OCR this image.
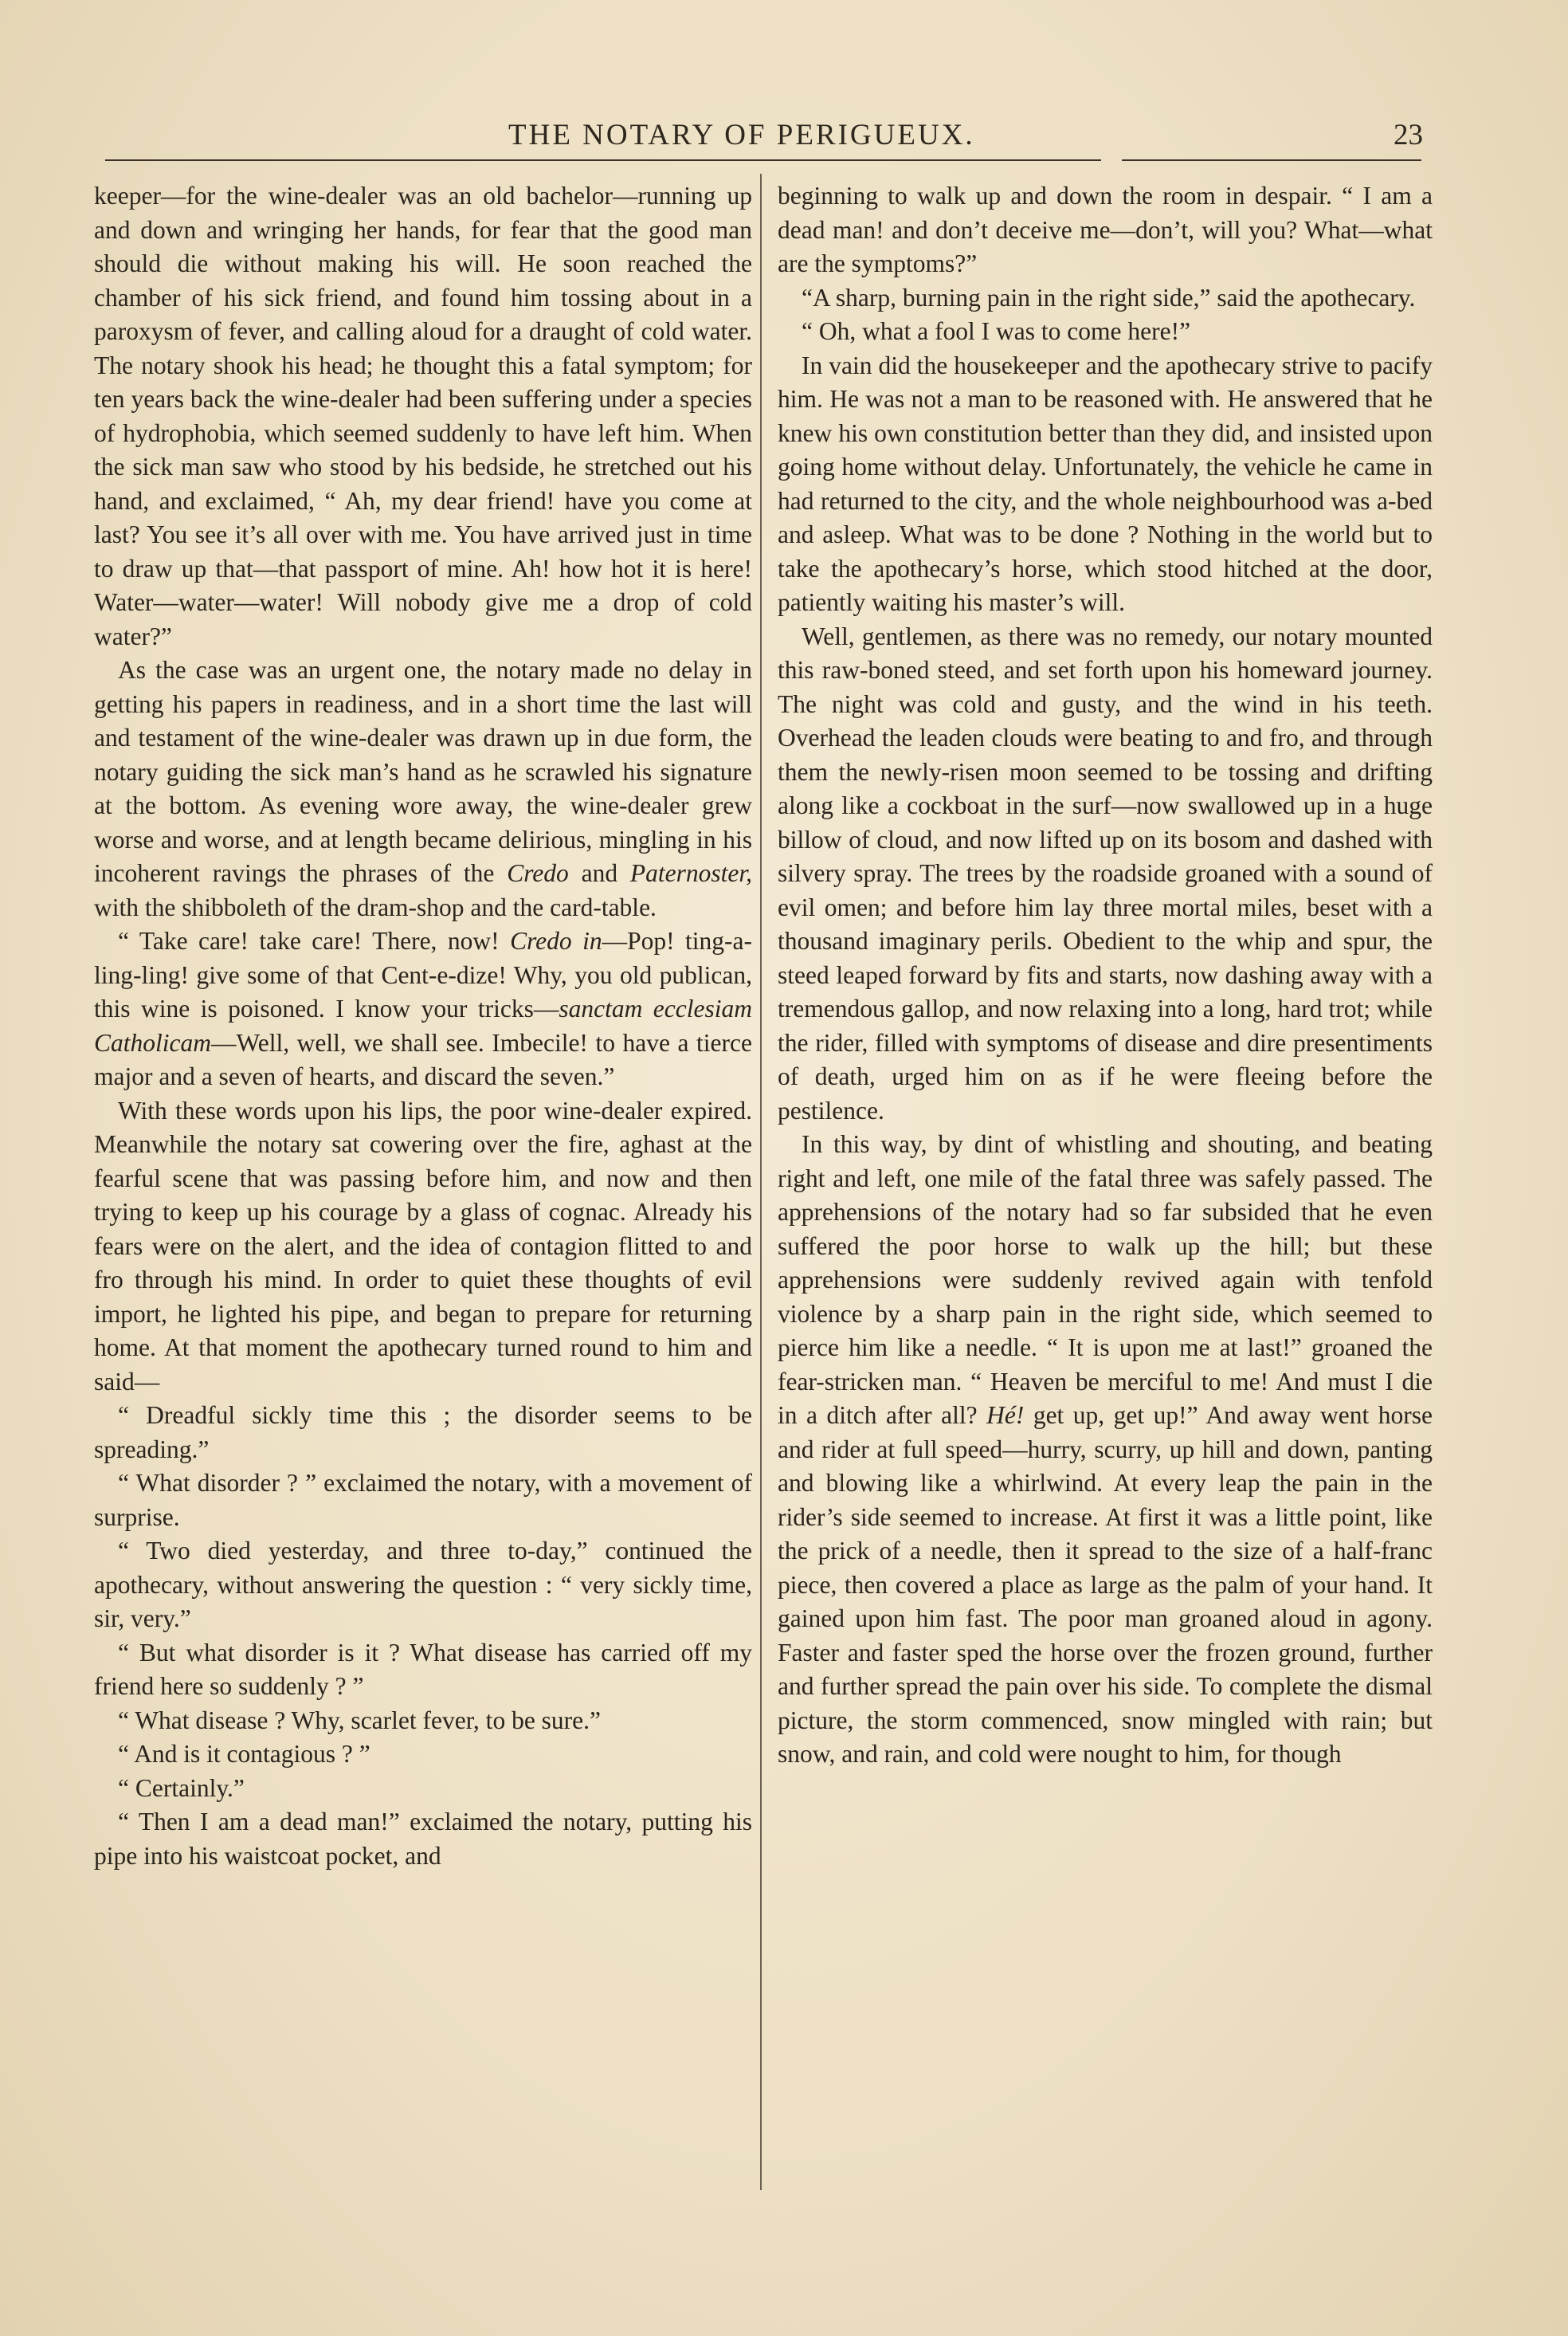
THE NOTARY OF PERIGUEUX.	23

keeper—for the wine-dealer was an old bachelor—running up and down and wringing her hands, for fear that the good man should die without making his will. He soon reached the chamber of his sick friend, and found him tossing about in a paroxysm of fever, and calling aloud for a draught of cold water. The notary shook his head; he thought this a fatal symptom; for ten years back the wine-dealer had been suffering under a species of hydrophobia, which seemed suddenly to have left him. When the sick man saw who stood by his bedside, he stretched out his hand, and exclaimed, “ Ah, my dear friend! have you come at last? You see it’s all over with me. You have arrived just in time to draw up that—that passport of mine. Ah! how hot it is here! Water—water—water! Will nobody give me a drop of cold water?”

As the case was an urgent one, the notary made no delay in getting his papers in readiness, and in a short time the last will and testament of the wine-dealer was drawn up in due form, the notary guiding the sick man’s hand as he scrawled his signature at the bottom. As evening wore away, the wine-dealer grew worse and worse, and at length became delirious, mingling in his incoherent ravings the phrases of the Credo and Paternoster, with the shibboleth of the dram-shop and the card-table.

“ Take care! take care! There, now! Credo in—Pop! ting-a-ling-ling! give some of that Cent-e-dize! Why, you old publican, this wine is poisoned. I know your tricks—sanctam ecclesiam Catholicam—Well, well, we shall see. Imbecile! to have a tierce major and a seven of hearts, and discard the seven.”

With these words upon his lips, the poor wine-dealer expired. Meanwhile the notary sat cowering over the fire, aghast at the fearful scene that was passing before him, and now and then trying to keep up his courage by a glass of cognac. Already his fears were on the alert, and the idea of contagion flitted to and fro through his mind. In order to quiet these thoughts of evil import, he lighted his pipe, and began to prepare for returning home. At that moment the apothecary turned round to him and said—

“ Dreadful sickly time this ; the disorder seems to be spreading.”

“ What disorder ? ” exclaimed the notary, with a movement of surprise.

“ Two died yesterday, and three to-day,” continued the apothecary, without answering the question : “ very sickly time, sir, very.”

“ But what disorder is it ? What disease has carried off my friend here so suddenly ? ”

“ What disease ? Why, scarlet fever, to be sure.”

“ And is it contagious ? ”

“ Certainly.”

“ Then I am a dead man!” exclaimed the notary, putting his pipe into his waistcoat pocket, and

beginning to walk up and down the room in despair. “ I am a dead man! and don’t deceive me—don’t, will you? What—what are the symptoms?”

“A sharp, burning pain in the right side,” said the apothecary.

“ Oh, what a fool I was to come here!”

In vain did the housekeeper and the apothecary strive to pacify him. He was not a man to be reasoned with. He answered that he knew his own constitution better than they did, and insisted upon going home without delay. Unfortunately, the vehicle he came in had returned to the city, and the whole neighbourhood was a-bed and asleep. What was to be done ? Nothing in the world but to take the apothecary’s horse, which stood hitched at the door, patiently waiting his master’s will.

Well, gentlemen, as there was no remedy, our notary mounted this raw-boned steed, and set forth upon his homeward journey. The night was cold and gusty, and the wind in his teeth. Overhead the leaden clouds were beating to and fro, and through them the newly-risen moon seemed to be tossing and drifting along like a cockboat in the surf—now swallowed up in a huge billow of cloud, and now lifted up on its bosom and dashed with silvery spray. The trees by the roadside groaned with a sound of evil omen; and before him lay three mortal miles, beset with a thousand imaginary perils. Obedient to the whip and spur, the steed leaped forward by fits and starts, now dashing away with a tremendous gallop, and now relaxing into a long, hard trot; while the rider, filled with symptoms of disease and dire presentiments of death, urged him on as if he were fleeing before the pestilence.

In this way, by dint of whistling and shouting, and beating right and left, one mile of the fatal three was safely passed. The apprehensions of the notary had so far subsided that he even suffered the poor horse to walk up the hill; but these apprehensions were suddenly revived again with tenfold violence by a sharp pain in the right side, which seemed to pierce him like a needle. “ It is upon me at last!” groaned the fear-stricken man. “ Heaven be merciful to me! And must I die in a ditch after all? Hé! get up, get up!” And away went horse and rider at full speed—hurry, scurry, up hill and down, panting and blowing like a whirlwind. At every leap the pain in the rider’s side seemed to increase. At first it was a little point, like the prick of a needle, then it spread to the size of a half-franc piece, then covered a place as large as the palm of your hand. It gained upon him fast. The poor man groaned aloud in agony. Faster and faster sped the horse over the frozen ground, further and further spread the pain over his side. To complete the dismal picture, the storm commenced, snow mingled with rain; but snow, and rain, and cold were nought to him, for though
